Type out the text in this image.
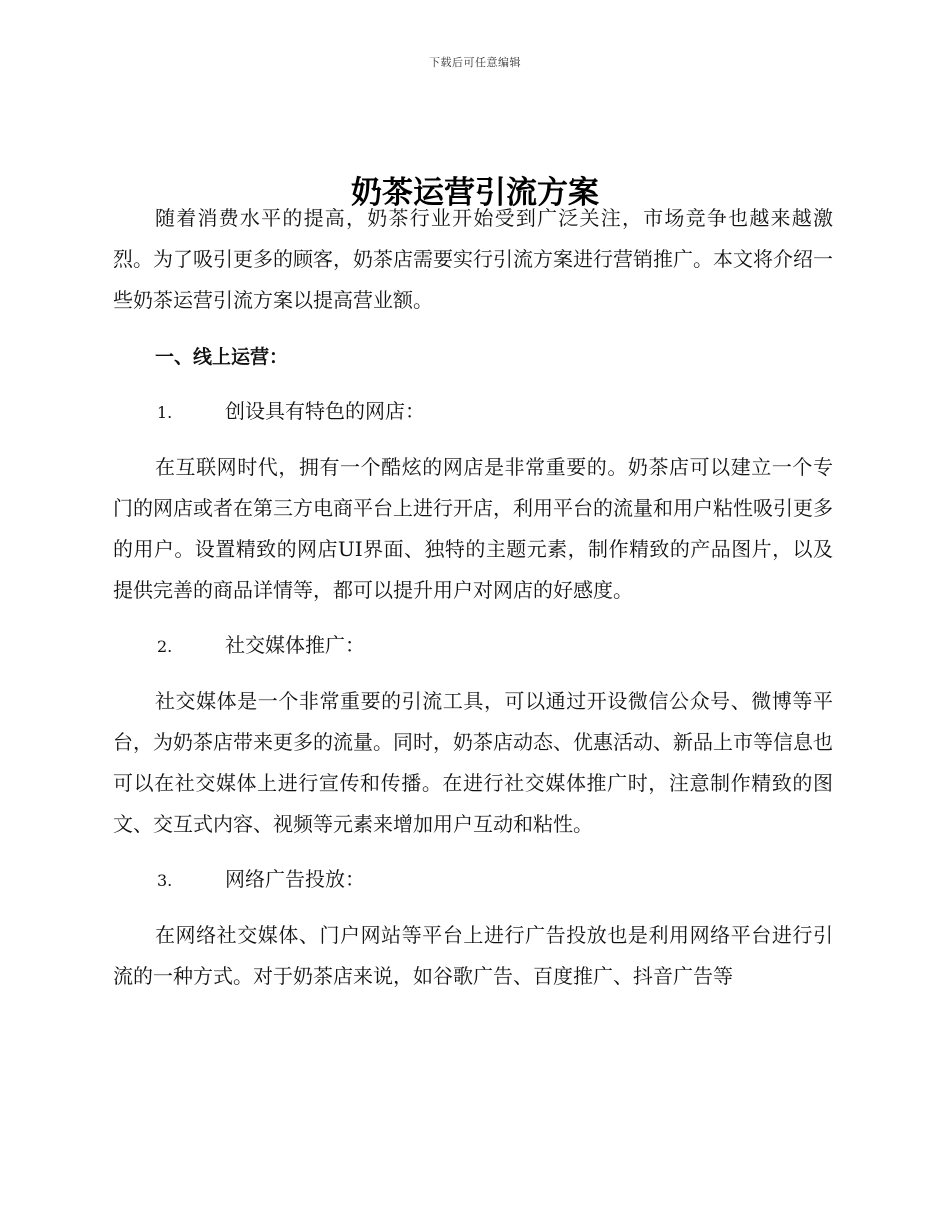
下载后可任意编辑
奶茶运营引流方案

随着消费水平的提高，奶茶行业开始受到广泛关注，市场竞争也越来越激烈。为了吸引更多的顾客，奶茶店需要实行引流方案进行营销推广。本文将介绍一些奶茶运营引流方案以提高营业额。

一、线上运营：
1.	创设具有特色的网店：

在互联网时代，拥有一个酷炫的网店是非常重要的。奶茶店可以建立一个专门的网店或者在第三方电商平台上进行开店，利用平台的流量和用户粘性吸引更多的用户。设置精致的网店UI界面、独特的主题元素，制作精致的产品图片，以及提供完善的商品详情等，都可以提升用户对网店的好感度。

2.	社交媒体推广：

社交媒体是一个非常重要的引流工具，可以通过开设微信公众号、微博等平台，为奶茶店带来更多的流量。同时，奶茶店动态、优惠活动、新品上市等信息也可以在社交媒体上进行宣传和传播。在进行社交媒体推广时，注意制作精致的图文、交互式内容、视频等元素来增加用户互动和粘性。

3.	网络广告投放：

在网络社交媒体、门户网站等平台上进行广告投放也是利用网络平台进行引流的一种方式。对于奶茶店来说，如谷歌广告、百度推广、抖音广告等
